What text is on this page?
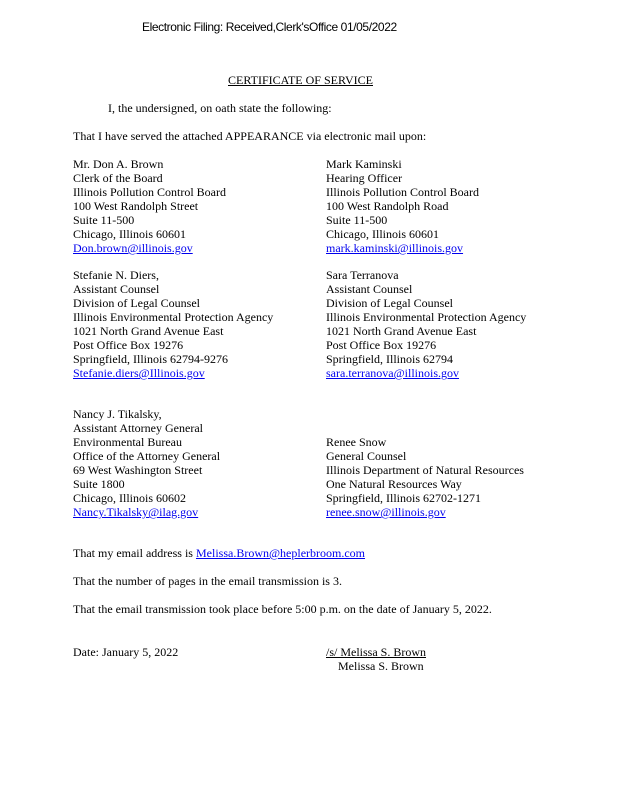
Electronic Filing: Received,Clerk'sOffice 01/05/2022
CERTIFICATE OF SERVICE
I, the undersigned, on oath state the following:
That I have served the attached APPEARANCE via electronic mail upon:
Mr. Don A. Brown
Clerk of the Board
Illinois Pollution Control Board
100 West Randolph Street
Suite 11-500
Chicago, Illinois 60601
Don.brown@illinois.gov
Mark Kaminski
Hearing Officer
Illinois Pollution Control Board
100 West Randolph Road
Suite 11-500
Chicago, Illinois 60601
mark.kaminski@illinois.gov
Stefanie N. Diers,
Assistant Counsel
Division of Legal Counsel
Illinois Environmental Protection Agency
1021 North Grand Avenue East
Post Office Box 19276
Springfield, Illinois 62794-9276
Stefanie.diers@Illinois.gov
Sara Terranova
Assistant Counsel
Division of Legal Counsel
Illinois Environmental Protection Agency
1021 North Grand Avenue East
Post Office Box 19276
Springfield, Illinois 62794
sara.terranova@illinois.gov
Nancy J. Tikalsky,
Assistant Attorney General
Environmental Bureau
Office of the Attorney General
69 West Washington Street
Suite 1800
Chicago, Illinois 60602
Nancy.Tikalsky@ilag.gov
Renee Snow
General Counsel
Illinois Department of Natural Resources
One Natural Resources Way
Springfield, Illinois 62702-1271
renee.snow@illinois.gov
That my email address is Melissa.Brown@heplerbroom.com
That the number of pages in the email transmission is 3.
That the email transmission took place before 5:00 p.m. on the date of January 5, 2022.
Date: January 5, 2022	/s/ Melissa S. Brown
Melissa S. Brown
